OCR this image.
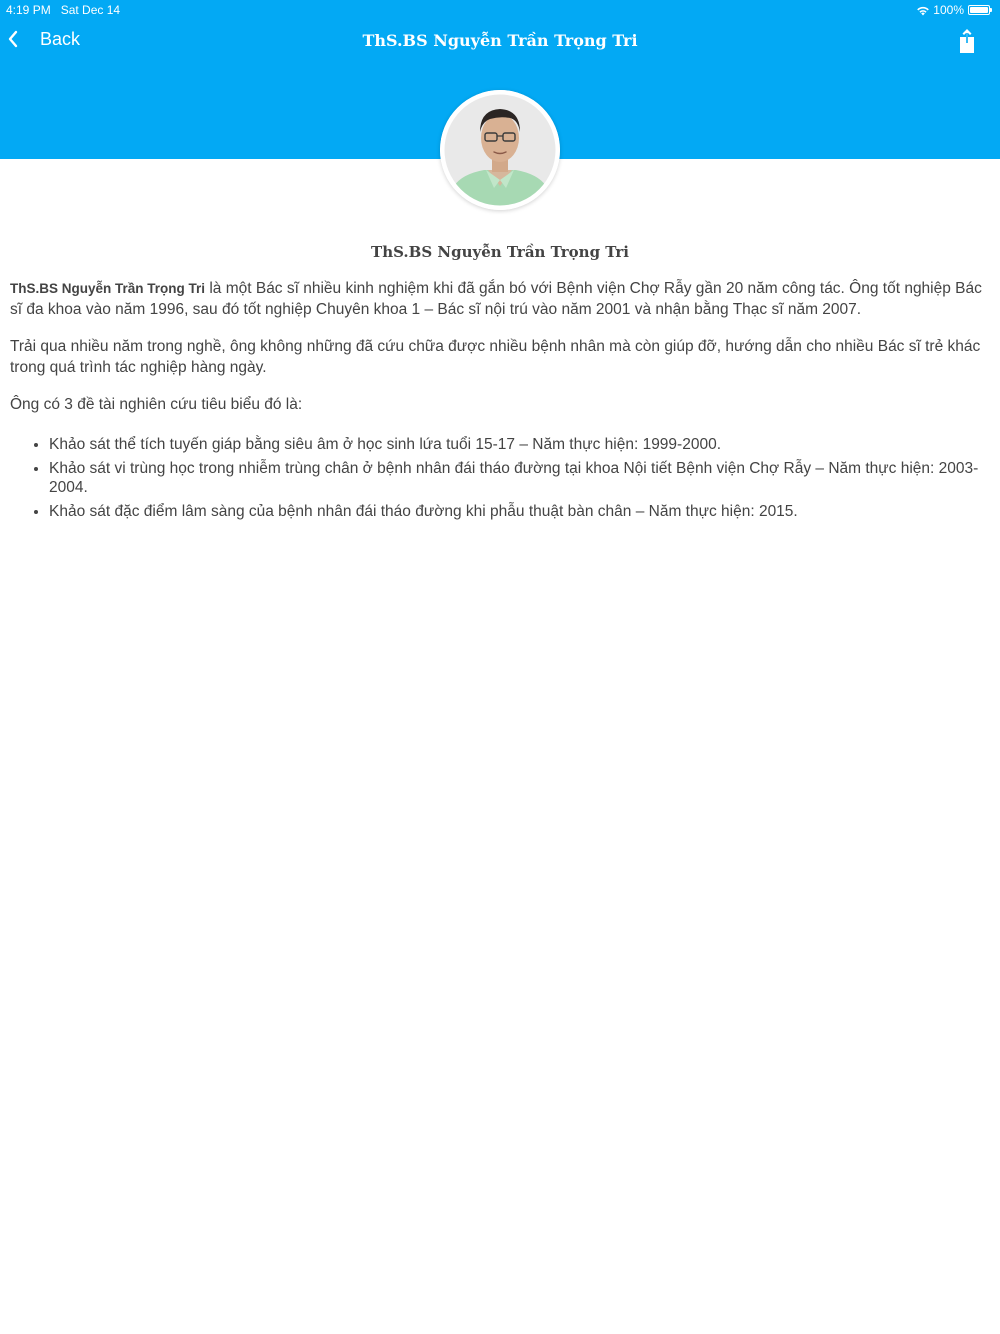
4:19 PM Sat Dec 14	100%
Back	ThS.BS Nguyễn Trần Trọng Tri
ThS.BS Nguyễn Trần Trọng Tri

ThS.BS Nguyễn Trần Trọng Tri là một Bác sĩ nhiều kinh nghiệm khi đã gắn bó với Bệnh viện Chợ Rẫy gần 20 năm công tác. Ông tốt nghiệp Bác sĩ đa khoa vào năm 1996, sau đó tốt nghiệp Chuyên khoa 1 – Bác sĩ nội trú vào năm 2001 và nhận bằng Thạc sĩ năm 2007.

Trải qua nhiều năm trong nghề, ông không những đã cứu chữa được nhiều bệnh nhân mà còn giúp đỡ, hướng dẫn cho nhiều Bác sĩ trẻ khác trong quá trình tác nghiệp hàng ngày.

Ông có 3 đề tài nghiên cứu tiêu biểu đó là:

• Khảo sát thể tích tuyến giáp bằng siêu âm ở học sinh lứa tuổi 15-17 – Năm thực hiện: 1999-2000.
• Khảo sát vi trùng học trong nhiễm trùng chân ở bệnh nhân đái tháo đường tại khoa Nội tiết Bệnh viện Chợ Rẫy – Năm thực hiện: 2003-2004.
• Khảo sát đặc điểm lâm sàng của bệnh nhân đái tháo đường khi phẫu thuật bàn chân – Năm thực hiện: 2015.
